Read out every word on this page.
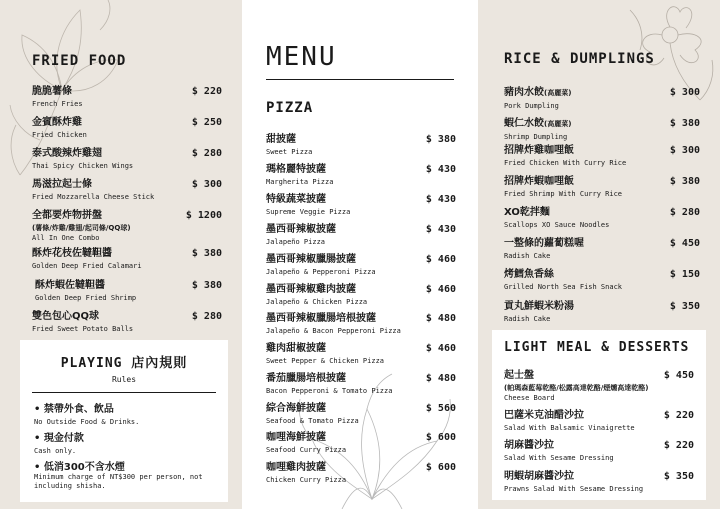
FRIED FOOD
脆脆薯條	$ 220
French Fries
金賓酥炸雞	$ 250
Fried Chicken
泰式酸辣炸雞翅	$ 280
Thai Spicy Chicken Wings
馬滋拉起士條	$ 300
Fried Mozzarella Cheese Stick
全都要炸物拼盤	$ 1200
(薯條/炸雞/雞翅/起司條/QQ球)
All In One Combo
酥炸花枝佐韃靼醬	$ 380
Golden Deep Fried Calamari
酥炸蝦佐韃靼醬	$ 380
Golden Deep Fried Shrimp
雙色包心QQ球	$ 280
Fried Sweet Potato Balls
PLAYING 店內規則
Rules
• 禁帶外食、飲品
No Outside Food & Drinks.
• 現金付款
Cash only.
• 低消300不含水煙
Minimum charge of NT$300 per person, not including shisha.
MENU
PIZZA
甜披薩	$ 380
Sweet Pizza
瑪格麗特披薩	$ 430
Margherita Pizza
特級蔬菜披薩	$ 430
Supreme Veggie Pizza
墨西哥辣椒披薩	$ 430
Jalapeño Pizza
墨西哥辣椒臘腸披薩	$ 460
Jalapeño & Pepperoni Pizza
墨西哥辣椒雞肉披薩	$ 460
Jalapeño & Chicken Pizza
墨西哥辣椒臘腸培根披薩	$ 480
Jalapeño & Bacon Pepperoni Pizza
雞肉甜椒披薩	$ 460
Sweet Pepper & Chicken Pizza
番茄臘腸培根披薩	$ 480
Bacon Pepperoni & Tomato Pizza
綜合海鮮披薩	$ 560
Seafood & Tomato Pizza
咖哩海鮮披薩	$ 600
Seafood Curry Pizza
咖哩雞肉披薩	$ 600
Chicken Curry Pizza
RICE & DUMPLINGS
豬肉水餃(高麗菜)	$ 300
Pork Dumpling
蝦仁水餃(高麗菜)	$ 380
Shrimp Dumpling
招牌炸雞咖哩飯	$ 300
Fried Chicken With Curry Rice
招牌炸蝦咖哩飯	$ 380
Fried Shrimp With Curry Rice
XO乾拌麵	$ 280
Scallops XO Sauce Noodles
一整條的蘿蔔糕喔	$ 450
Radish Cake
烤鱈魚香絲	$ 150
Grilled North Sea Fish Snack
貢丸鮮蝦米粉湯	$ 350
Radish Cake
LIGHT MEAL & DESSERTS
起士盤	$ 450
(帕瑪森藍莓乾酪/松露高達乾酪/煙燻高達乾酪)
Cheese Board
巴薩米克油醋沙拉	$ 220
Salad With Balsamic Vinaigrette
胡麻醬沙拉	$ 220
Salad With Sesame Dressing
明蝦胡麻醬沙拉	$ 350
Prawns Salad With Sesame Dressing
